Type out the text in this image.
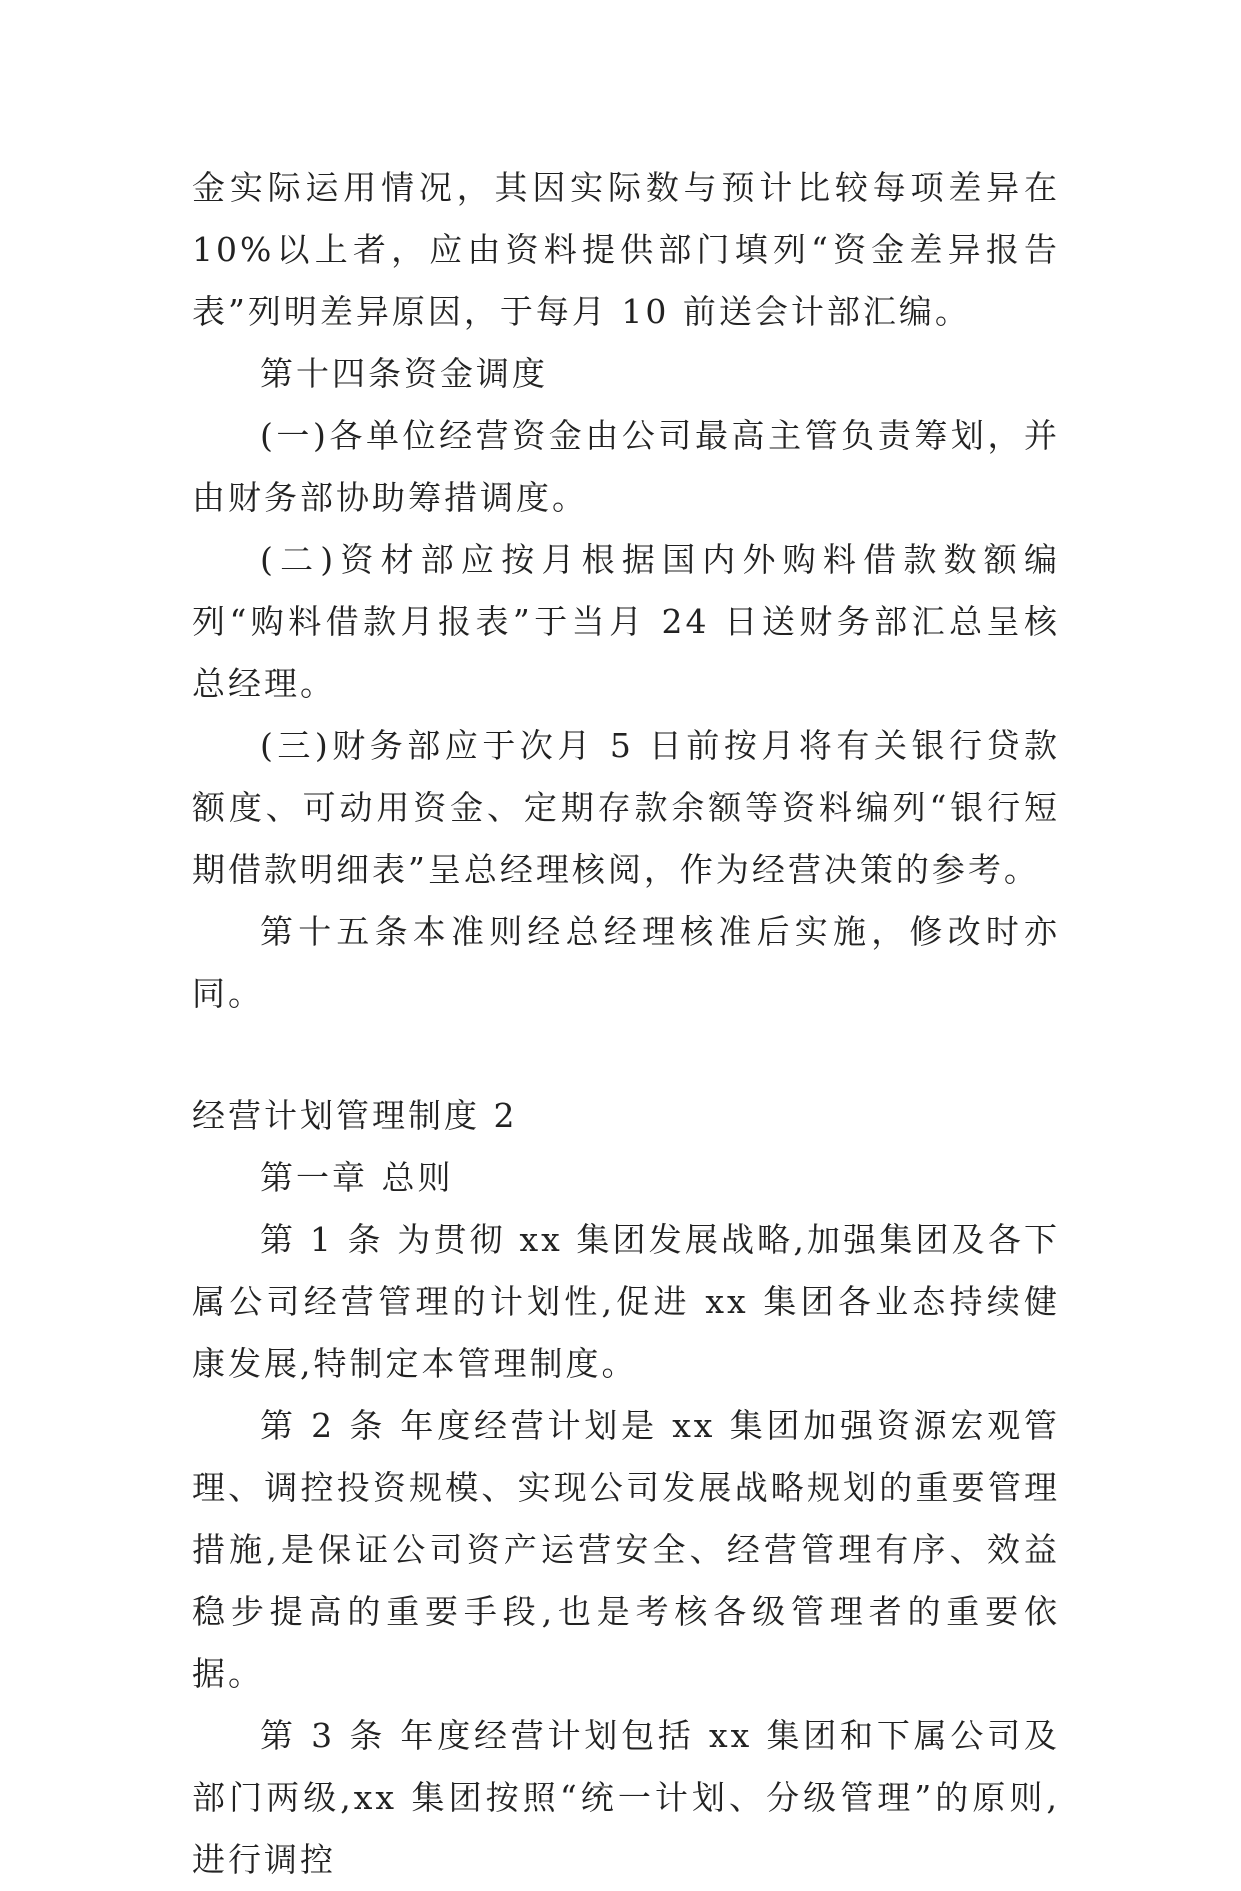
金实际运用情况，其因实际数与预计比较每项差异在 10%以上者，应由资料提供部门填列“资金差异报告表”列明差异原因，于每月 10 前送会计部汇编。

第十四条资金调度

(一)各单位经营资金由公司最高主管负责筹划，并由财务部协助筹措调度。

(二)资材部应按月根据国内外购料借款数额编列“购料借款月报表”于当月 24 日送财务部汇总呈核总经理。

(三)财务部应于次月 5 日前按月将有关银行贷款额度、可动用资金、定期存款余额等资料编列“银行短期借款明细表”呈总经理核阅，作为经营决策的参考。

第十五条本准则经总经理核准后实施，修改时亦同。

经营计划管理制度 2

第一章 总则

第 1 条 为贯彻 xx 集团发展战略,加强集团及各下属公司经营管理的计划性,促进 xx 集团各业态持续健康发展,特制定本管理制度。

第 2 条 年度经营计划是 xx 集团加强资源宏观管理、调控投资规模、实现公司发展战略规划的重要管理措施,是保证公司资产运营安全、经营管理有序、效益稳步提高的重要手段,也是考核各级管理者的重要依据。

第 3 条 年度经营计划包括 xx 集团和下属公司及部门两级,xx 集团按照“统一计划、分级管理”的原则,进行调控
